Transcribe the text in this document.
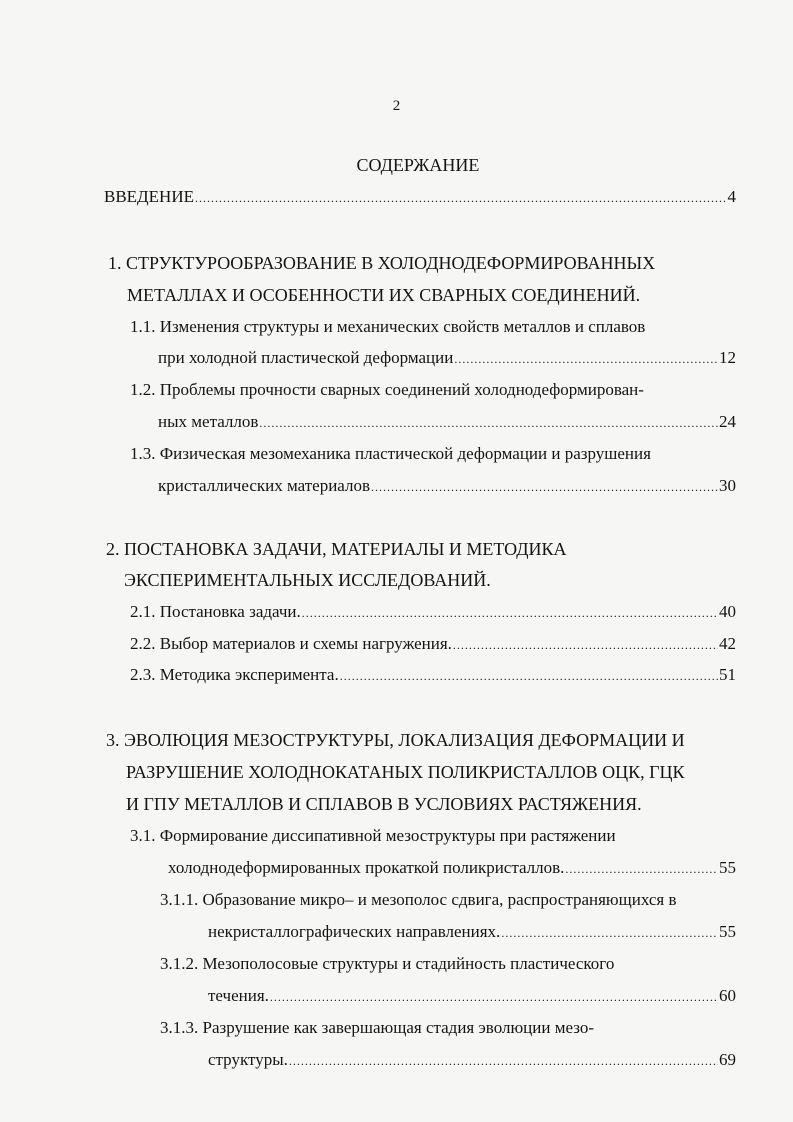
2
СОДЕРЖАНИЕ
ВВЕДЕНИЕ .....	4
1. СТРУКТУРООБРАЗОВАНИЕ В ХОЛОДНОДЕФОРМИРОВАННЫХ
МЕТАЛЛАХ И ОСОБЕННОСТИ ИХ СВАРНЫХ СОЕДИНЕНИЙ.
1.1. Изменения структуры и механических свойств металлов и сплавов
при холодной пластической деформации .....	12
1.2. Проблемы прочности сварных соединений холоднодеформирован-
ных металлов .....	24
1.3. Физическая мезомеханика пластической деформации и разрушения
кристаллических материалов .....	30
2. ПОСТАНОВКА ЗАДАЧИ, МАТЕРИАЛЫ И МЕТОДИКА
ЭКСПЕРИМЕНТАЛЬНЫХ ИССЛЕДОВАНИЙ.
2.1. Постановка задачи. .....	40
2.2. Выбор материалов и схемы нагружения. .....	42
2.3. Методика эксперимента. .....	51
3. ЭВОЛЮЦИЯ МЕЗОСТРУКТУРЫ, ЛОКАЛИЗАЦИЯ ДЕФОРМАЦИИ И
РАЗРУШЕНИЕ ХОЛОДНОКАТАНЫХ ПОЛИКРИСТАЛЛОВ ОЦК, ГЦК
И ГПУ МЕТАЛЛОВ И СПЛАВОВ В УСЛОВИЯХ РАСТЯЖЕНИЯ.
3.1. Формирование диссипативной мезоструктуры при растяжении
холоднодеформированных прокаткой поликристаллов. .....	55
3.1.1. Образование микро– и мезополос сдвига, распространяющихся в
некристаллографических направлениях. .....	55
3.1.2. Мезополосовые структуры и стадийность пластического
течения. .....	60
3.1.3. Разрушение как завершающая стадия эволюции мезо-
структуры. .....	69
